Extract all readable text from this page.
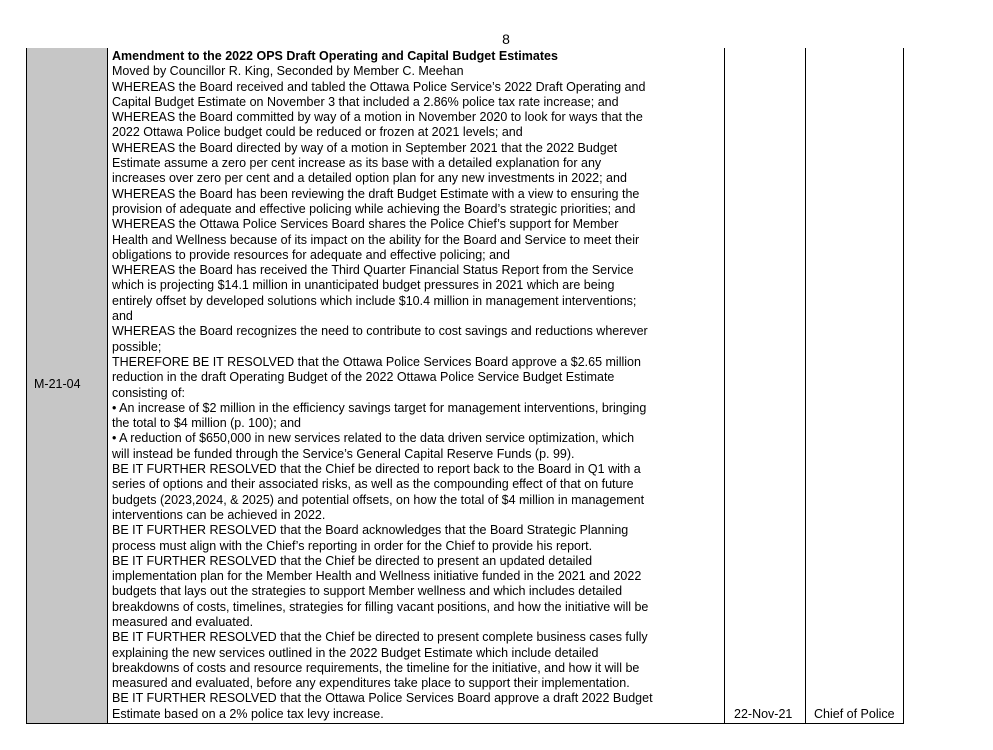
8
M-21-04

Amendment to the 2022 OPS Draft Operating and Capital Budget Estimates

Moved by Councillor R. King, Seconded by Member C. Meehan

WHEREAS the Board received and tabled the Ottawa Police Service’s 2022 Draft Operating and

Capital Budget Estimate on November 3 that included a 2.86% police tax rate increase; and

WHEREAS the Board committed by way of a motion in November 2020 to look for ways that the

2022 Ottawa Police budget could be reduced or frozen at 2021 levels; and

WHEREAS the Board directed by way of a motion in September 2021 that the 2022 Budget

Estimate assume a zero per cent increase as its base with a detailed explanation for any

increases over zero per cent and a detailed option plan for any new investments in 2022; and

WHEREAS the Board has been reviewing the draft Budget Estimate with a view to ensuring the

provision of adequate and effective policing while achieving the Board’s strategic priorities; and

WHEREAS the Ottawa Police Services Board shares the Police Chief’s support for Member

Health and Wellness because of its impact on the ability for the Board and Service to meet their

obligations to provide resources for adequate and effective policing; and

WHEREAS the Board has received the Third Quarter Financial Status Report from the Service

which is projecting $14.1 million in unanticipated budget pressures in 2021 which are being

entirely offset by developed solutions which include $10.4 million in management interventions;

and

WHEREAS the Board recognizes the need to contribute to cost savings and reductions wherever

possible;

THEREFORE BE IT RESOLVED that the Ottawa Police Services Board approve a $2.65 million

reduction in the draft Operating Budget of the 2022 Ottawa Police Service Budget Estimate

consisting of:

• An increase of $2 million in the efficiency savings target for management interventions, bringing

the total to $4 million (p. 100); and

• A reduction of $650,000 in new services related to the data driven service optimization, which

will instead be funded through the Service’s General Capital Reserve Funds (p. 99).

BE IT FURTHER RESOLVED that the Chief be directed to report back to the Board in Q1 with a

series of options and their associated risks, as well as the compounding effect of that on future

budgets (2023,2024, & 2025) and potential offsets, on how the total of $4 million in management

interventions can be achieved in 2022.

BE IT FURTHER RESOLVED that the Board acknowledges that the Board Strategic Planning

process must align with the Chief’s reporting in order for the Chief to provide his report.

BE IT FURTHER RESOLVED that the Chief be directed to present an updated detailed

implementation plan for the Member Health and Wellness initiative funded in the 2021 and 2022

budgets that lays out the strategies to support Member wellness and which includes detailed

breakdowns of costs, timelines, strategies for filling vacant positions, and how the initiative will be

measured and evaluated.

BE IT FURTHER RESOLVED that the Chief be directed to present complete business cases fully

explaining the new services outlined in the 2022 Budget Estimate which include detailed

breakdowns of costs and resource requirements, the timeline for the initiative, and how it will be

measured and evaluated, before any expenditures take place to support their implementation.

BE IT FURTHER RESOLVED that the Ottawa Police Services Board approve a draft 2022 Budget

Estimate based on a 2% police tax levy increase.	22-Nov-21 Chief of Police
